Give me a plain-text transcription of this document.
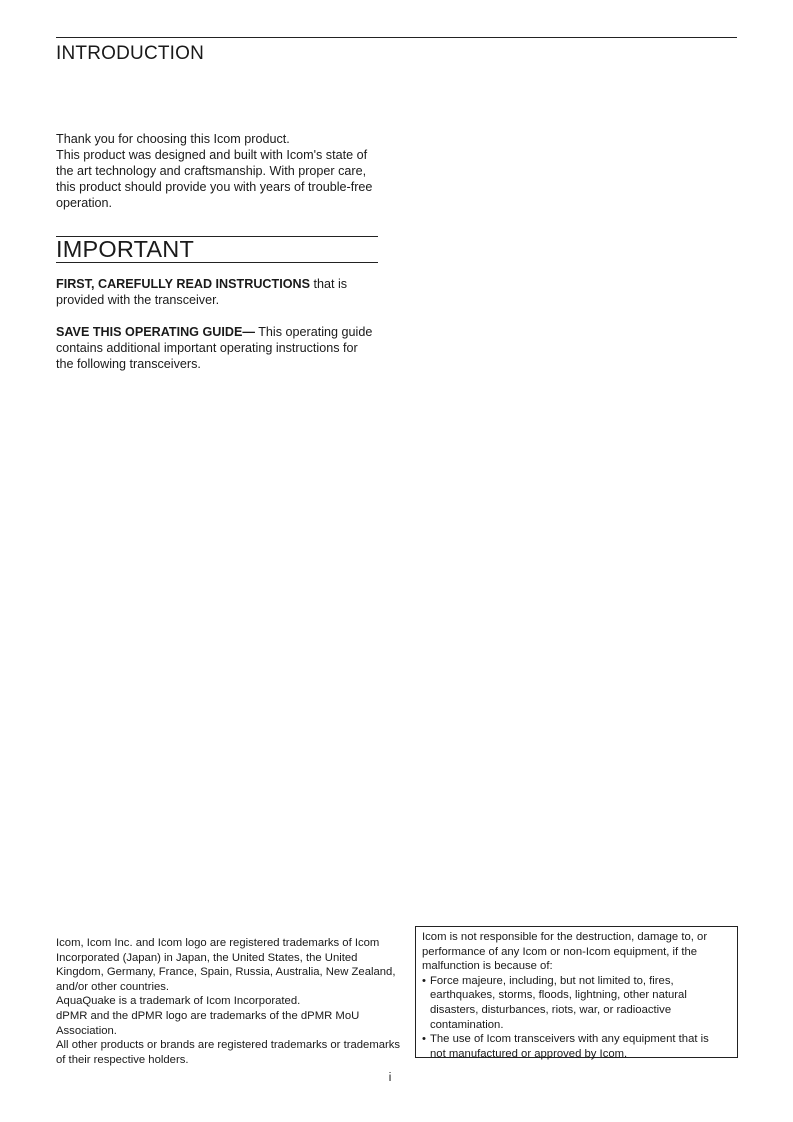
INTRODUCTION

Thank you for choosing this Icom product.

This product was designed and built with Icom's state of the art technology and craftsmanship. With proper care, this product should provide you with years of trouble-free operation.

IMPORTANT

FIRST, CAREFULLY READ INSTRUCTIONS that is provided with the transceiver.

SAVE THIS OPERATING GUIDE— This operating guide contains additional important operating instructions for the following transceivers.

Icom, Icom Inc. and Icom logo are registered trademarks of Icom Incorporated (Japan) in Japan, the United States, the United Kingdom, Germany, France, Spain, Russia, Australia, New Zealand, and/or other countries.

AquaQuake is a trademark of Icom Incorporated.

dPMR and the dPMR logo are trademarks of the dPMR MoU Association.

All other products or brands are registered trademarks or trademarks of their respective holders.

Icom is not responsible for the destruction, damage to, or performance of any Icom or non-Icom equipment, if the malfunction is because of:

• Force majeure, including, but not limited to, fires, earthquakes, storms, floods, lightning, other natural disasters, disturbances, riots, war, or radioactive contamination.
• The use of Icom transceivers with any equipment that is not manufactured or approved by Icom.
i
